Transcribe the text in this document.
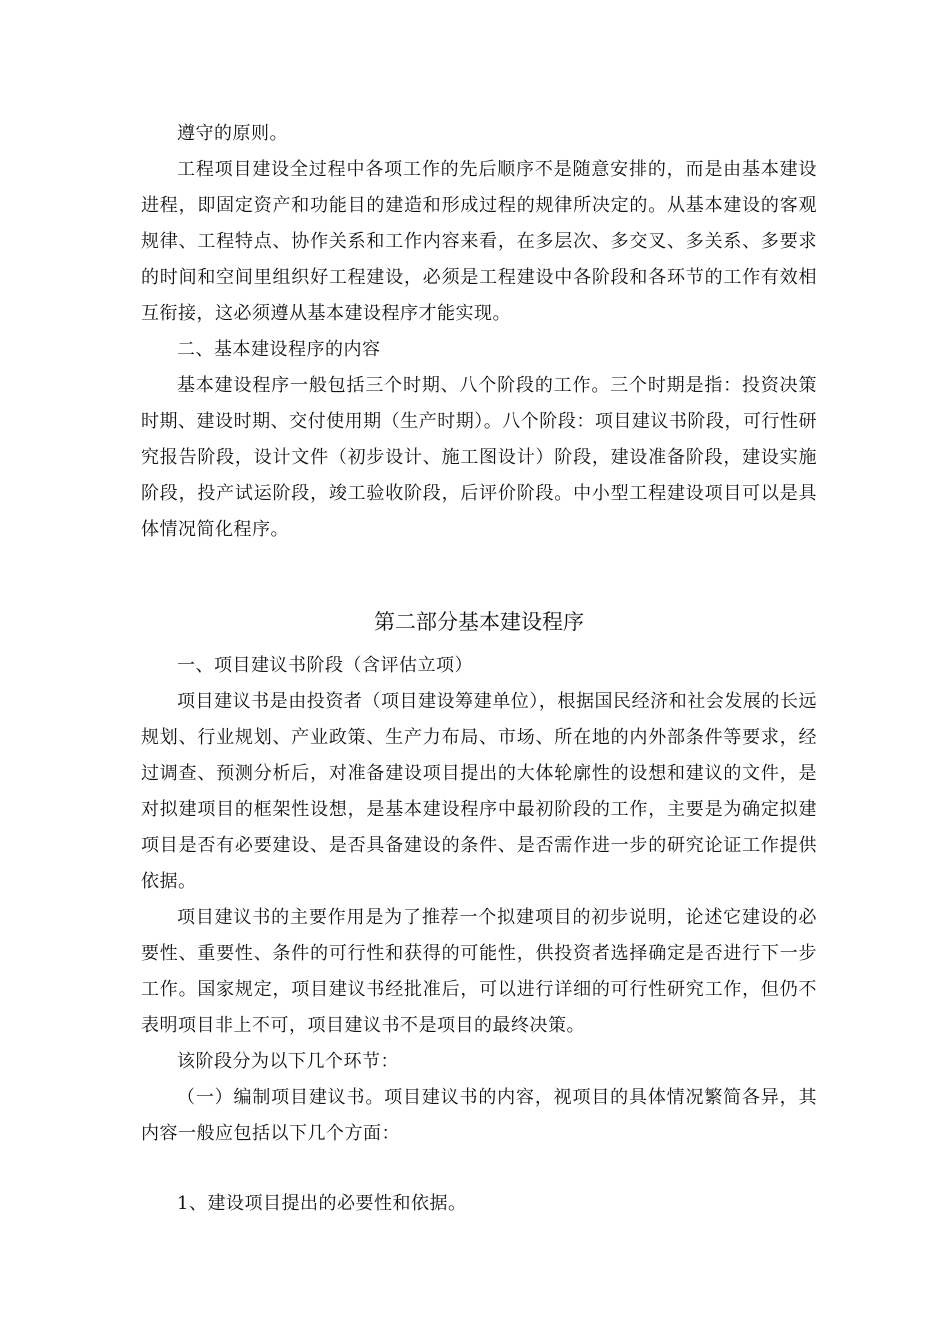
遵守的原则。

工程项目建设全过程中各项工作的先后顺序不是随意安排的，而是由基本建设进程，即固定资产和功能目的建造和形成过程的规律所决定的。从基本建设的客观规律、工程特点、协作关系和工作内容来看，在多层次、多交叉、多关系、多要求的时间和空间里组织好工程建设，必须是工程建设中各阶段和各环节的工作有效相互衔接，这必须遵从基本建设程序才能实现。

二、基本建设程序的内容

基本建设程序一般包括三个时期、八个阶段的工作。三个时期是指：投资决策时期、建设时期、交付使用期（生产时期）。八个阶段：项目建议书阶段，可行性研究报告阶段，设计文件（初步设计、施工图设计）阶段，建设准备阶段，建设实施阶段，投产试运阶段，竣工验收阶段，后评价阶段。中小型工程建设项目可以是具体情况简化程序。

第二部分基本建设程序

一、项目建议书阶段（含评估立项）

项目建议书是由投资者（项目建设筹建单位），根据国民经济和社会发展的长远规划、行业规划、产业政策、生产力布局、市场、所在地的内外部条件等要求，经过调查、预测分析后，对准备建设项目提出的大体轮廓性的设想和建议的文件，是对拟建项目的框架性设想，是基本建设程序中最初阶段的工作，主要是为确定拟建项目是否有必要建设、是否具备建设的条件、是否需作进一步的研究论证工作提供依据。

项目建议书的主要作用是为了推荐一个拟建项目的初步说明，论述它建设的必要性、重要性、条件的可行性和获得的可能性，供投资者选择确定是否进行下一步工作。国家规定，项目建议书经批准后，可以进行详细的可行性研究工作，但仍不表明项目非上不可，项目建议书不是项目的最终决策。

该阶段分为以下几个环节：

（一）编制项目建议书。项目建议书的内容，视项目的具体情况繁简各异，其内容一般应包括以下几个方面：

1、建设项目提出的必要性和依据。
